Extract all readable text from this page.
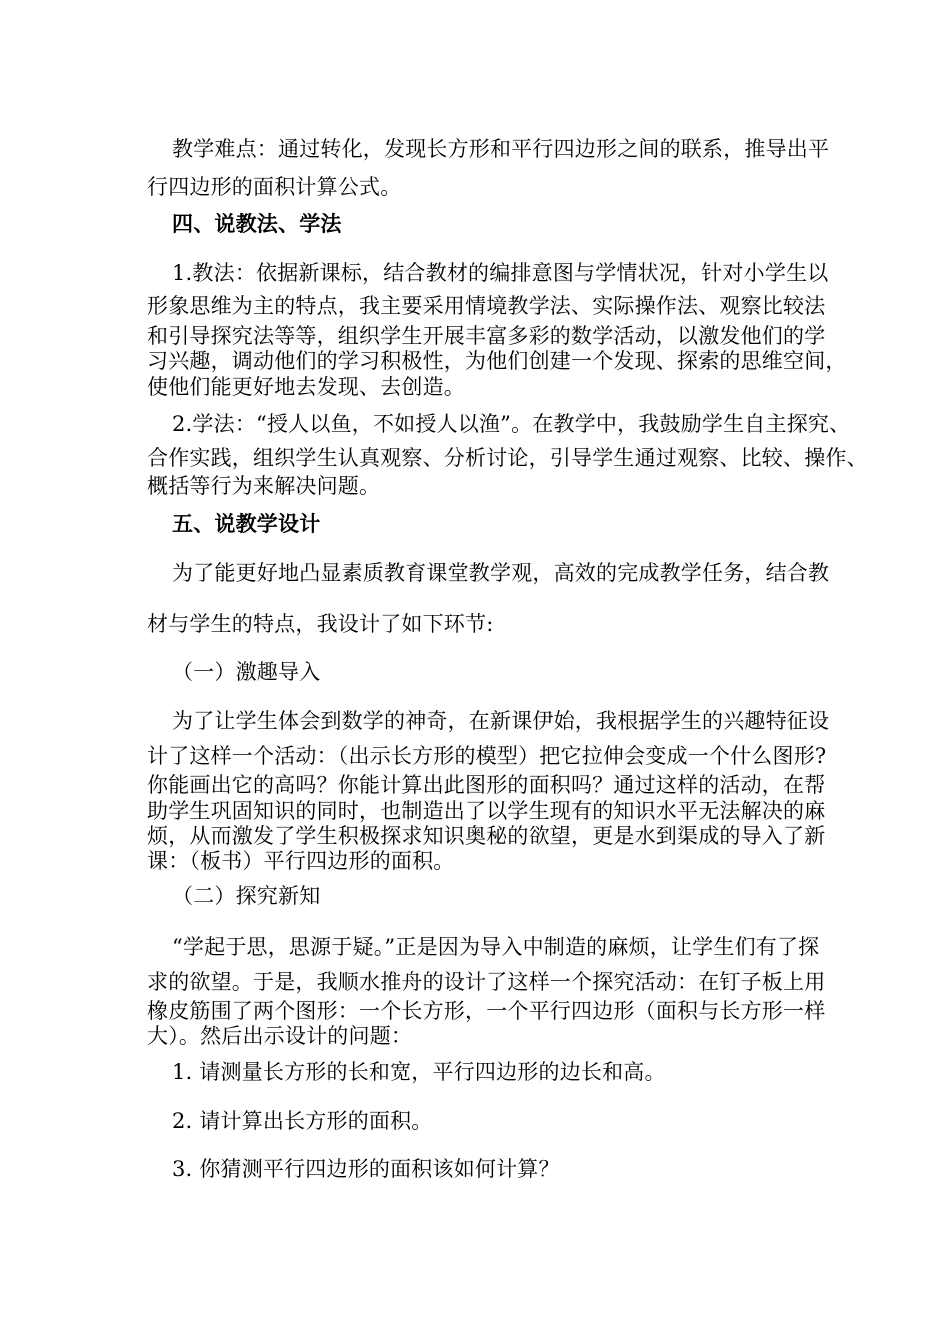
教学难点：通过转化，发现长方形和平行四边形之间的联系，推导出平
行四边形的面积计算公式。
四、说教法、学法
1.教法：依据新课标，结合教材的编排意图与学情状况，针对小学生以
形象思维为主的特点，我主要采用情境教学法、实际操作法、观察比较法
和引导探究法等等，组织学生开展丰富多彩的数学活动，以激发他们的学
习兴趣，调动他们的学习积极性，为他们创建一个发现、探索的思维空间，
使他们能更好地去发现、去创造。
2.学法：“授人以鱼，不如授人以渔”。在教学中，我鼓励学生自主探究、
合作实践，组织学生认真观察、分析讨论，引导学生通过观察、比较、操作、
概括等行为来解决问题。
五、说教学设计
为了能更好地凸显素质教育课堂教学观，高效的完成教学任务，结合教
材与学生的特点，我设计了如下环节:
（一）激趣导入
为了让学生体会到数学的神奇，在新课伊始，我根据学生的兴趣特征设
计了这样一个活动：（出示长方形的模型）把它拉伸会变成一个什么图形?
你能画出它的高吗？你能计算出此图形的面积吗？通过这样的活动，在帮
助学生巩固知识的同时，也制造出了以学生现有的知识水平无法解决的麻
烦，从而激发了学生积极探求知识奥秘的欲望，更是水到渠成的导入了新
课：（板书）平行四边形的面积。
（二）探究新知
“学起于思，思源于疑。”正是因为导入中制造的麻烦，让学生们有了探
求的欲望。于是，我顺水推舟的设计了这样一个探究活动：在钉子板上用
橡皮筋围了两个图形：一个长方形，一个平行四边形（面积与长方形一样
大）。然后出示设计的问题：
1. 请测量长方形的长和宽，平行四边形的边长和高。
2. 请计算出长方形的面积。
3. 你猜测平行四边形的面积该如何计算？
